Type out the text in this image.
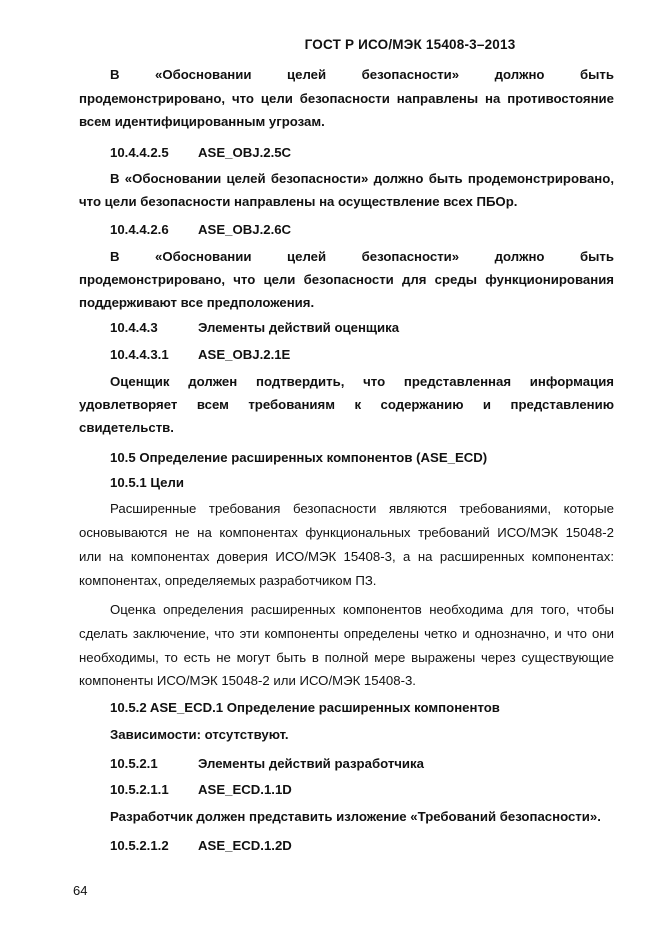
ГОСТ Р ИСО/МЭК 15408-3–2013
В «Обосновании целей безопасности» должно быть
продемонстрировано, что цели безопасности направлены на противостояние
всем идентифицированным угрозам.
10.4.4.2.5 ASE_OBJ.2.5C
В «Обосновании целей безопасности» должно быть продемонстрировано,
что цели безопасности направлены на осуществление всех ПБОр.
10.4.4.2.6 ASE_OBJ.2.6C
В «Обосновании целей безопасности» должно быть
продемонстрировано, что цели безопасности для среды функционирования
поддерживают все предположения.
10.4.4.3	Элементы действий оценщика
10.4.4.3.1 ASE_OBJ.2.1E
Оценщик должен подтвердить, что представленная информация
удовлетворяет всем требованиям к содержанию и представлению
свидетельств.
10.5 Определение расширенных компонентов (ASE_ECD)
10.5.1 Цели
Расширенные требования безопасности являются требованиями, которые
основываются не на компонентах функциональных требований ИСО/МЭК 15048-2
или на компонентах доверия ИСО/МЭК 15408-3, а на расширенных компонентах:
компонентах, определяемых разработчиком ПЗ.
Оценка определения расширенных компонентов необходима для того, чтобы
сделать заключение, что эти компоненты определены четко и однозначно, и что они
необходимы, то есть не могут быть в полной мере выражены через существующие
компоненты ИСО/МЭК 15048-2 или ИСО/МЭК 15408-3.
10.5.2 ASE_ECD.1 Определение расширенных компонентов
Зависимости: отсутствуют.
10.5.2.1	Элементы действий разработчика
10.5.2.1.1 ASE_ECD.1.1D
Разработчик должен представить изложение «Требований безопасности».
10.5.2.1.2 ASE_ECD.1.2D
64
